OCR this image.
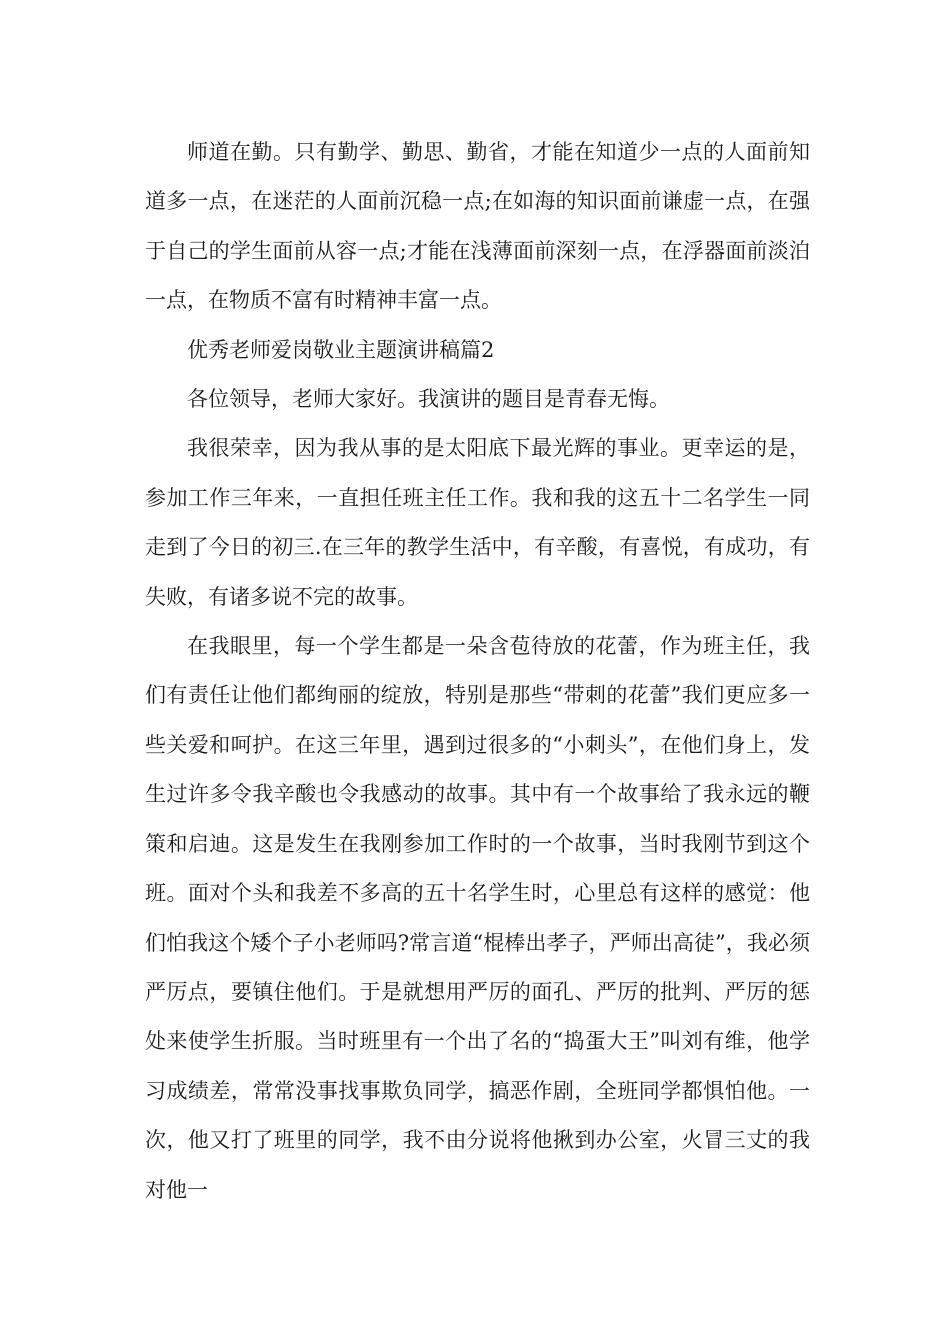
师道在勤。只有勤学、勤思、勤省，才能在知道少一点的人面前知道多一点，在迷茫的人面前沉稳一点;在如海的知识面前谦虚一点，在强于自己的学生面前从容一点;才能在浅薄面前深刻一点，在浮器面前淡泊一点，在物质不富有时精神丰富一点。

优秀老师爱岗敬业主题演讲稿篇2

各位领导，老师大家好。我演讲的题目是青春无悔。

我很荣幸，因为我从事的是太阳底下最光辉的事业。更幸运的是，参加工作三年来，一直担任班主任工作。我和我的这五十二名学生一同走到了今日的初三.在三年的教学生活中，有辛酸，有喜悦，有成功，有失败，有诸多说不完的故事。

在我眼里，每一个学生都是一朵含苞待放的花蕾，作为班主任，我们有责任让他们都绚丽的绽放，特别是那些“带刺的花蕾”我们更应多一些关爱和呵护。在这三年里，遇到过很多的“小刺头”，在他们身上，发生过许多令我辛酸也令我感动的故事。其中有一个故事给了我永远的鞭策和启迪。这是发生在我刚参加工作时的一个故事，当时我刚节到这个班。面对个头和我差不多高的五十名学生时，心里总有这样的感觉：他们怕我这个矮个子小老师吗?常言道“棍棒出孝子，严师出高徒”，我必须严厉点，要镇住他们。于是就想用严厉的面孔、严厉的批判、严厉的惩处来使学生折服。当时班里有一个出了名的“捣蛋大王”叫刘有维，他学习成绩差，常常没事找事欺负同学，搞恶作剧，全班同学都惧怕他。一次，他又打了班里的同学，我不由分说将他揪到办公室，火冒三丈的我对他一
